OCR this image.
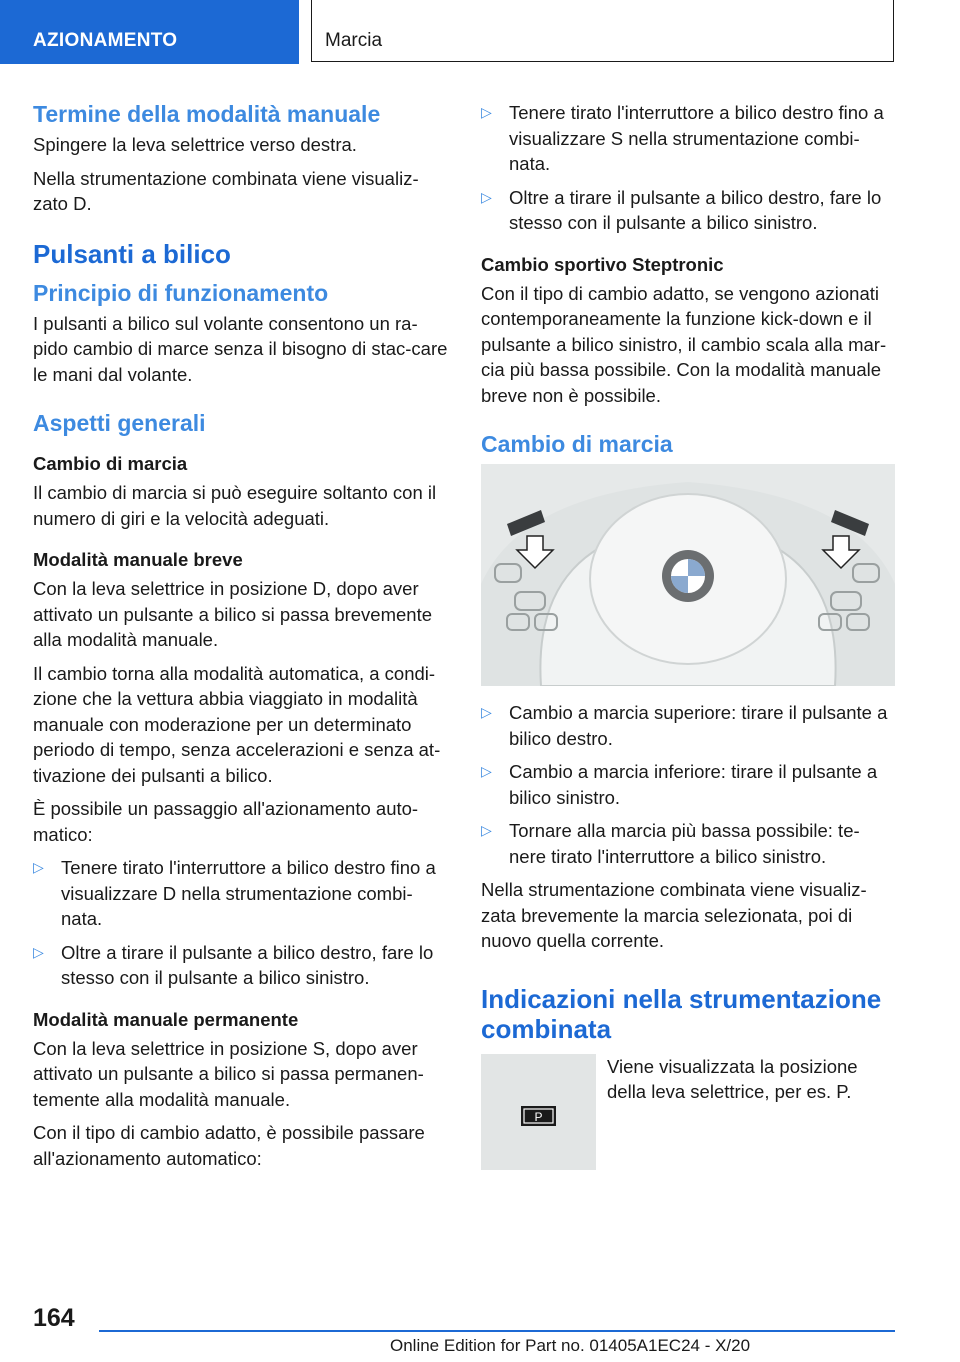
AZIONAMENTO	Marcia
Termine della modalità manuale

Spingere la leva selettrice verso destra.

Nella strumentazione combinata viene visualiz-zato D.

Pulsanti a bilico
Principio di funzionamento

I pulsanti a bilico sul volante consentono un ra-pido cambio di marce senza il bisogno di stac-care le mani dal volante.

Aspetti generali
Cambio di marcia

Il cambio di marcia si può eseguire soltanto con il numero di giri e la velocità adeguati.

Modalità manuale breve

Con la leva selettrice in posizione D, dopo aver attivato un pulsante a bilico si passa brevemente alla modalità manuale.

Il cambio torna alla modalità automatica, a condi-zione che la vettura abbia viaggiato in modalità manuale con moderazione per un determinato periodo di tempo, senza accelerazioni e senza at-tivazione dei pulsanti a bilico.

È possibile un passaggio all'azionamento auto-matico:

▷ Tenere tirato l'interruttore a bilico destro fino a visualizzare D nella strumentazione combi-nata.
▷ Oltre a tirare il pulsante a bilico destro, fare lo stesso con il pulsante a bilico sinistro.
Modalità manuale permanente

Con la leva selettrice in posizione S, dopo aver attivato un pulsante a bilico si passa permanen-temente alla modalità manuale.

Con il tipo di cambio adatto, è possibile passare all'azionamento automatico:

▷ Tenere tirato l'interruttore a bilico destro fino a visualizzare S nella strumentazione combi-nata.
▷ Oltre a tirare il pulsante a bilico destro, fare lo stesso con il pulsante a bilico sinistro.
Cambio sportivo Steptronic

Con il tipo di cambio adatto, se vengono azionati contemporaneamente la funzione kick-down e il pulsante a bilico sinistro, il cambio scala alla mar-cia più bassa possibile. Con la modalità manuale breve non è possibile.

Cambio di marcia
▷ Cambio a marcia superiore: tirare il pulsante a bilico destro.
▷ Cambio a marcia inferiore: tirare il pulsante a bilico sinistro.
▷ Tornare alla marcia più bassa possibile: te-nere tirato l'interruttore a bilico sinistro.

Nella strumentazione combinata viene visualiz-zata brevemente la marcia selezionata, poi di nuovo quella corrente.

Indicazioni nella strumentazione combinata
P
Viene visualizzata la posizione della leva selettrice, per es. P.
164
Online Edition for Part no. 01405A1EC24 - X/20
